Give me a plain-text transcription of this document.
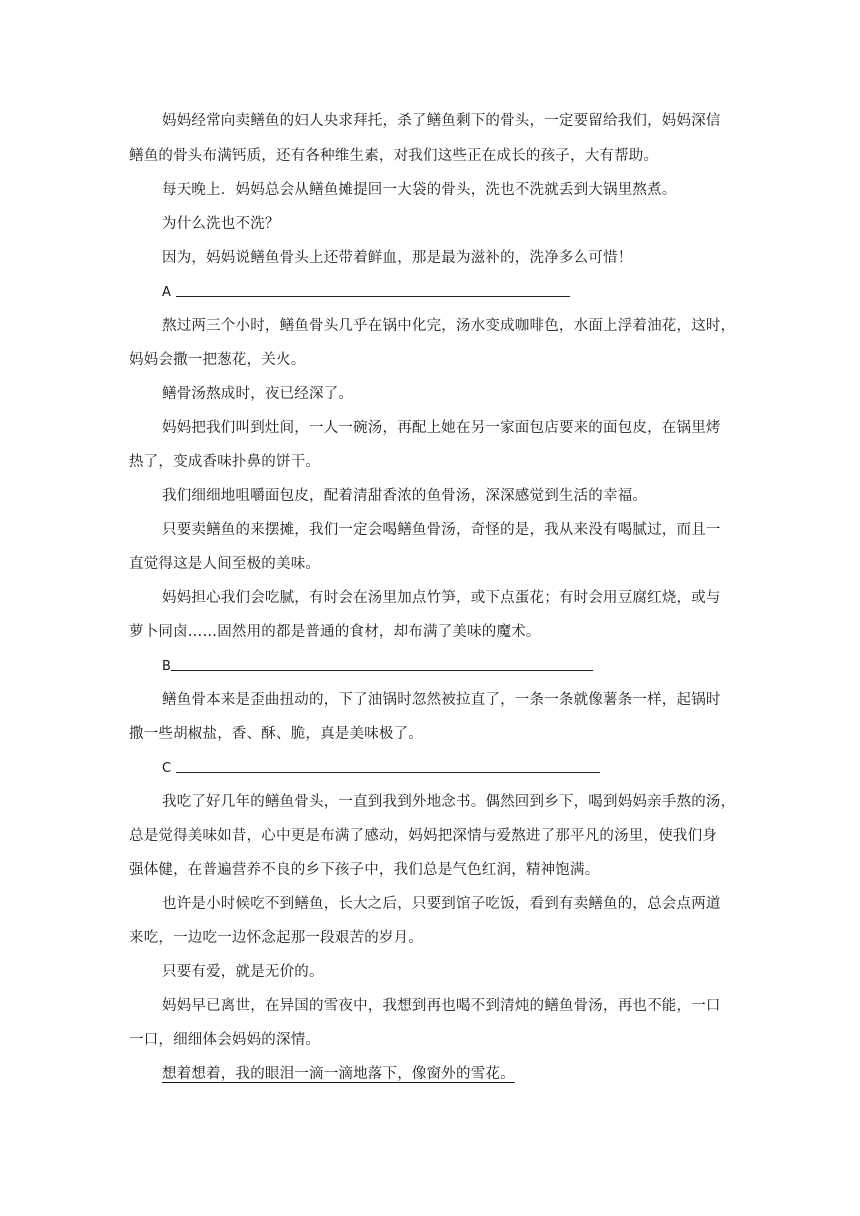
妈妈经常向卖鳝鱼的妇人央求拜托，杀了鳝鱼剩下的骨头，一定要留给我们，妈妈深信
鳝鱼的骨头布满钙质，还有各种维生素，对我们这些正在成长的孩子，大有帮助。
每天晚上．妈妈总会从鳝鱼摊提回一大袋的骨头，洗也不洗就丢到大锅里熬煮。
为什么洗也不洗？
因为，妈妈说鳝鱼骨头上还带着鲜血，那是最为滋补的，洗净多么可惜！
A
熬过两三个小时，鳝鱼骨头几乎在锅中化完，汤水变成咖啡色，水面上浮着油花，这时，
妈妈会撒一把葱花，关火。
鳝骨汤熬成时，夜已经深了。
妈妈把我们叫到灶间，一人一碗汤，再配上她在另一家面包店要来的面包皮，在锅里烤
热了，变成香味扑鼻的饼干。
我们细细地咀嚼面包皮，配着清甜香浓的鱼骨汤，深深感觉到生活的幸福。
只要卖鳝鱼的来摆摊，我们一定会喝鳝鱼骨汤，奇怪的是，我从来没有喝腻过，而且一
直觉得这是人间至极的美味。
妈妈担心我们会吃腻，有时会在汤里加点竹笋，或下点蛋花；有时会用豆腐红烧，或与
萝卜同卤……固然用的都是普通的食材，却布满了美味的魔术。
B
鳝鱼骨本来是歪曲扭动的，下了油锅时忽然被拉直了，一条一条就像薯条一样，起锅时
撒一些胡椒盐，香、酥、脆，真是美味极了。
C
我吃了好几年的鳝鱼骨头，一直到我到外地念书。偶然回到乡下，喝到妈妈亲手熬的汤，
总是觉得美味如昔，心中更是布满了感动，妈妈把深情与爱熬进了那平凡的汤里，使我们身
强体健，在普遍营养不良的乡下孩子中，我们总是气色红润，精神饱满。
也许是小时候吃不到鳝鱼，长大之后，只要到馆子吃饭，看到有卖鳝鱼的，总会点两道
来吃，一边吃一边怀念起那一段艰苦的岁月。
只要有爱，就是无价的。
妈妈早已离世，在异国的雪夜中，我想到再也喝不到清炖的鳝鱼骨汤，再也不能，一口
一口，细细体会妈妈的深情。
想着想着，我的眼泪一滴一滴地落下，像窗外的雪花。
